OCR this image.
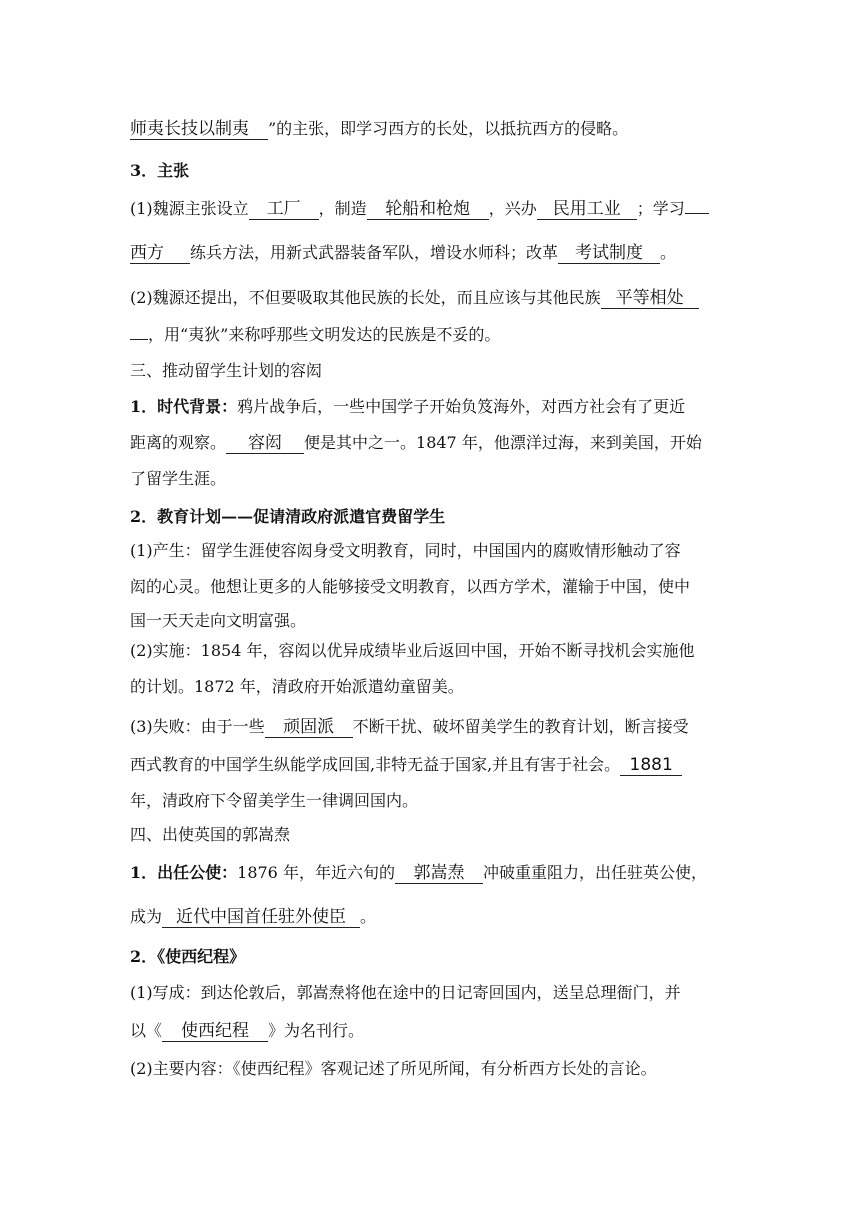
师夷长技以制夷 ”的主张，即学习西方的长处，以抵抗西方的侵略。
3．主张
(1)魏源主张设立 工厂 ，制造 轮船和枪炮 ，兴办 民用工业 ；学习
西方 练兵方法，用新式武器装备军队，增设水师科；改革 考试制度 。
(2)魏源还提出，不但要吸取其他民族的长处，而且应该与其他民族 平等相处
，用“夷狄”来称呼那些文明发达的民族是不妥的。
三、推动留学生计划的容闳
1．时代背景：鸦片战争后，一些中国学子开始负笈海外，对西方社会有了更近
距离的观察。 容闳 便是其中之一。1847 年，他漂洋过海，来到美国，开始
了留学生涯。
2．教育计划——促请清政府派遣官费留学生
(1)产生：留学生涯使容闳身受文明教育，同时，中国国内的腐败情形触动了容
闳的心灵。他想让更多的人能够接受文明教育，以西方学术，灌输于中国，使中
国一天天走向文明富强。
(2)实施：1854 年，容闳以优异成绩毕业后返回中国，开始不断寻找机会实施他
的计划。1872 年，清政府开始派遣幼童留美。
(3)失败：由于一些 顽固派 不断干扰、破坏留美学生的教育计划，断言接受
西式教育的中国学生纵能学成回国,非特无益于国家,并且有害于社会。 1881
年，清政府下令留美学生一律调回国内。
四、出使英国的郭嵩焘
1．出任公使：1876 年，年近六旬的 郭嵩焘 冲破重重阻力，出任驻英公使，
成为 近代中国首任驻外使臣 。
2．《使西纪程》
(1)写成：到达伦敦后，郭嵩焘将他在途中的日记寄回国内，送呈总理衙门，并
以《 使西纪程 》为名刊行。
(2)主要内容：《使西纪程》客观记述了所见所闻，有分析西方长处的言论。
